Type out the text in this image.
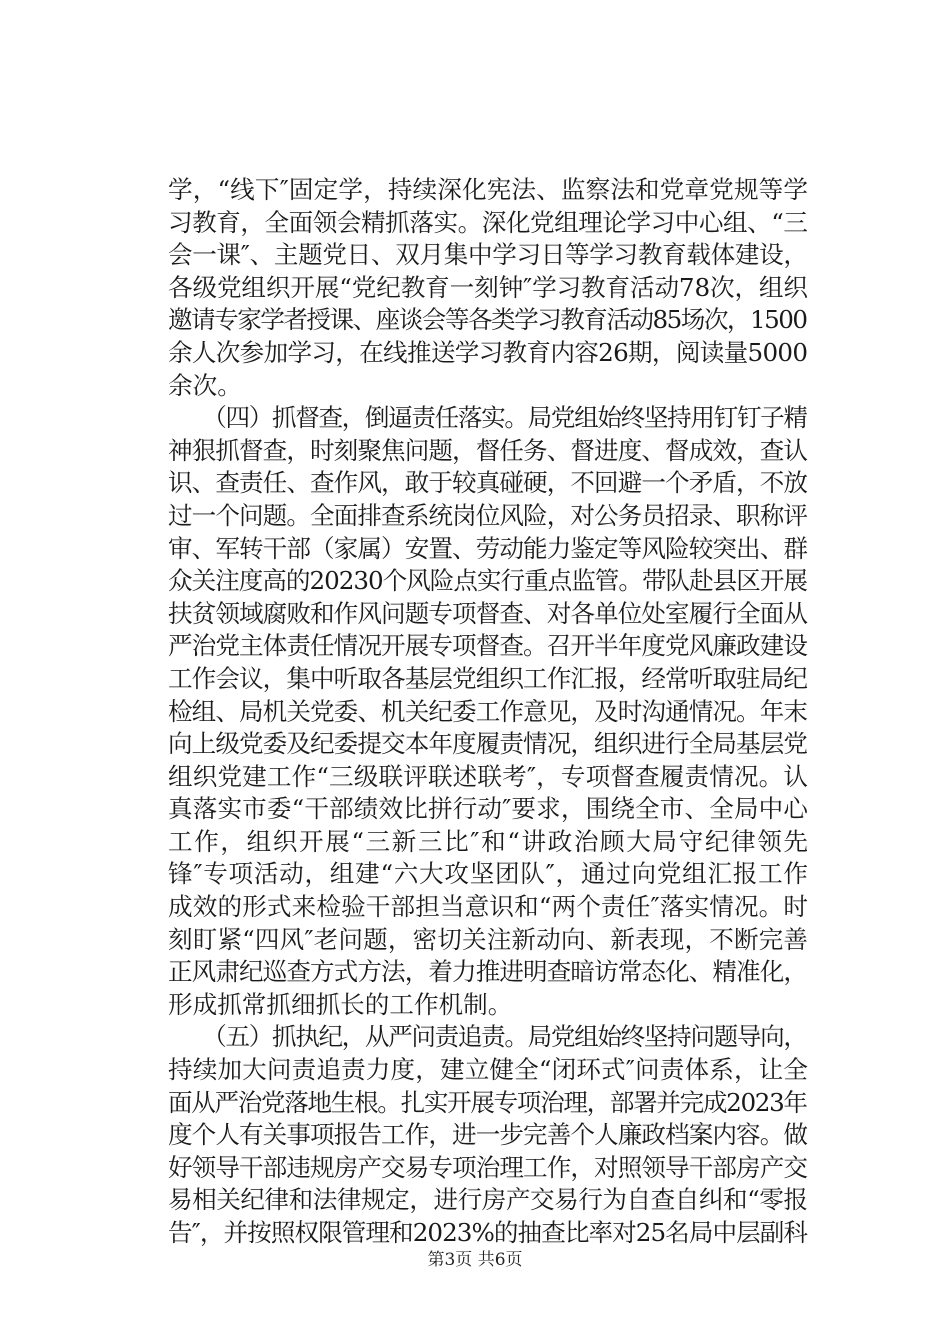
学，“线下″固定学，持续深化宪法、监察法和党章党规等学
习教育，全面领会精抓落实。深化党组理论学习中心组、“三
会一课″、主题党日、双月集中学习日等学习教育载体建设，
各级党组织开展“党纪教育一刻钟″学习教育活动78次，组织
邀请专家学者授课、座谈会等各类学习教育活动85场次，1500
余人次参加学习，在线推送学习教育内容26期，阅读量5000
余次。
　　（四）抓督查，倒逼责任落实。局党组始终坚持用钉钉子精
神狠抓督查，时刻聚焦问题，督任务、督进度、督成效，查认
识、查责任、查作风，敢于较真碰硬，不回避一个矛盾，不放
过一个问题。全面排查系统岗位风险，对公务员招录、职称评
审、军转干部（家属）安置、劳动能力鉴定等风险较突出、群
众关注度高的20230个风险点实行重点监管。带队赴县区开展
扶贫领域腐败和作风问题专项督查、对各单位处室履行全面从
严治党主体责任情况开展专项督查。召开半年度党风廉政建设
工作会议，集中听取各基层党组织工作汇报，经常听取驻局纪
检组、局机关党委、机关纪委工作意见，及时沟通情况。年末
向上级党委及纪委提交本年度履责情况，组织进行全局基层党
组织党建工作“三级联评联述联考″，专项督查履责情况。认
真落实市委“干部绩效比拼行动″要求，围绕全市、全局中心
工作，组织开展“三新三比″和“讲政治顾大局守纪律领先
锋″专项活动，组建“六大攻坚团队″，通过向党组汇报工作
成效的形式来检验干部担当意识和“两个责任″落实情况。时
刻盯紧“四风″老问题，密切关注新动向、新表现，不断完善
正风肃纪巡查方式方法，着力推进明查暗访常态化、精准化，
形成抓常抓细抓长的工作机制。
　　（五）抓执纪，从严问责追责。局党组始终坚持问题导向，
持续加大问责追责力度，建立健全“闭环式″问责体系，让全
面从严治党落地生根。扎实开展专项治理，部署并完成2023年
度个人有关事项报告工作，进一步完善个人廉政档案内容。做
好领导干部违规房产交易专项治理工作，对照领导干部房产交
易相关纪律和法律规定，进行房产交易行为自查自纠和“零报
告″，并按照权限管理和2023%的抽查比率对25名局中层副科
第3页 共6页
